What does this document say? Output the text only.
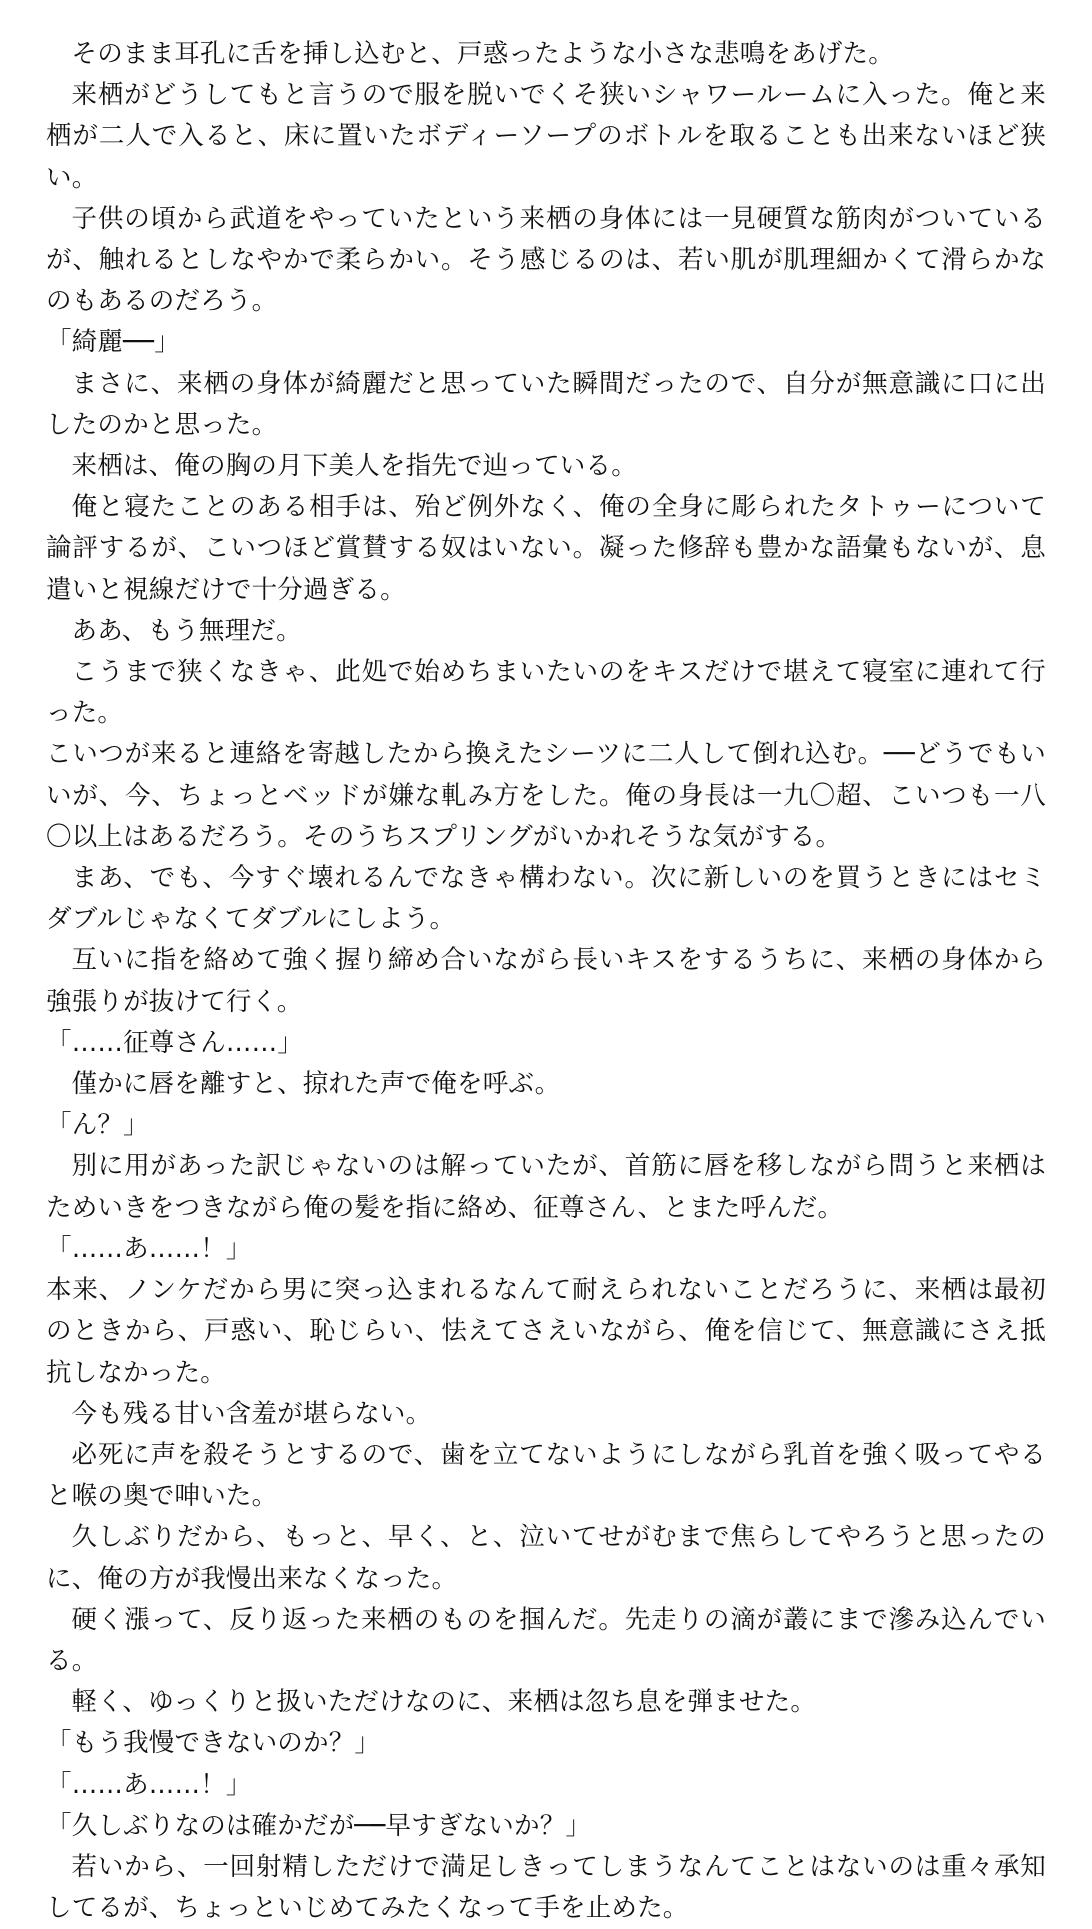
そのまま耳孔に舌を挿し込むと、戸惑ったような小さな悲鳴をあげた。

来栖がどうしてもと言うので服を脱いでくそ狭いシャワールームに入った。俺と来栖が二人で入ると、床に置いたボディーソープのボトルを取ることも出来ないほど狭い。

子供の頃から武道をやっていたという来栖の身体には一見硬質な筋肉がついているが、触れるとしなやかで柔らかい。そう感じるのは、若い肌が肌理細かくて滑らかなのもあるのだろう。

「綺麗──」

まさに、来栖の身体が綺麗だと思っていた瞬間だったので、自分が無意識に口に出したのかと思った。

来栖は、俺の胸の月下美人を指先で辿っている。

俺と寝たことのある相手は、殆ど例外なく、俺の全身に彫られたタトゥーについて論評するが、こいつほど賞賛する奴はいない。凝った修辞も豊かな語彙もないが、息遣いと視線だけで十分過ぎる。

ああ、もう無理だ。

こうまで狭くなきゃ、此処で始めちまいたいのをキスだけで堪えて寝室に連れて行った。

こいつが来ると連絡を寄越したから換えたシーツに二人して倒れ込む。──どうでもいいが、今、ちょっとベッドが嫌な軋み方をした。俺の身長は一九〇超、こいつも一八〇以上はあるだろう。そのうちスプリングがいかれそうな気がする。

まあ、でも、今すぐ壊れるんでなきゃ構わない。次に新しいのを買うときにはセミダブルじゃなくてダブルにしよう。

互いに指を絡めて強く握り締め合いながら長いキスをするうちに、来栖の身体から強張りが抜けて行く。

「……征尊さん……」

僅かに唇を離すと、掠れた声で俺を呼ぶ。

「ん？」

別に用があった訳じゃないのは解っていたが、首筋に唇を移しながら問うと来栖はためいきをつきながら俺の髪を指に絡め、征尊さん、とまた呼んだ。

「……あ……！」

本来、ノンケだから男に突っ込まれるなんて耐えられないことだろうに、来栖は最初のときから、戸惑い、恥じらい、怯えてさえいながら、俺を信じて、無意識にさえ抵抗しなかった。

今も残る甘い含羞が堪らない。

必死に声を殺そうとするので、歯を立てないようにしながら乳首を強く吸ってやると喉の奥で呻いた。

久しぶりだから、もっと、早く、と、泣いてせがむまで焦らしてやろうと思ったのに、俺の方が我慢出来なくなった。

硬く漲って、反り返った来栖のものを掴んだ。先走りの滴が叢にまで滲み込んでいる。

軽く、ゆっくりと扱いただけなのに、来栖は忽ち息を弾ませた。

「もう我慢できないのか？」

「……あ……！」

「久しぶりなのは確かだが──早すぎないか？」

若いから、一回射精しただけで満足しきってしまうなんてことはないのは重々承知してるが、ちょっといじめてみたくなって手を止めた。
